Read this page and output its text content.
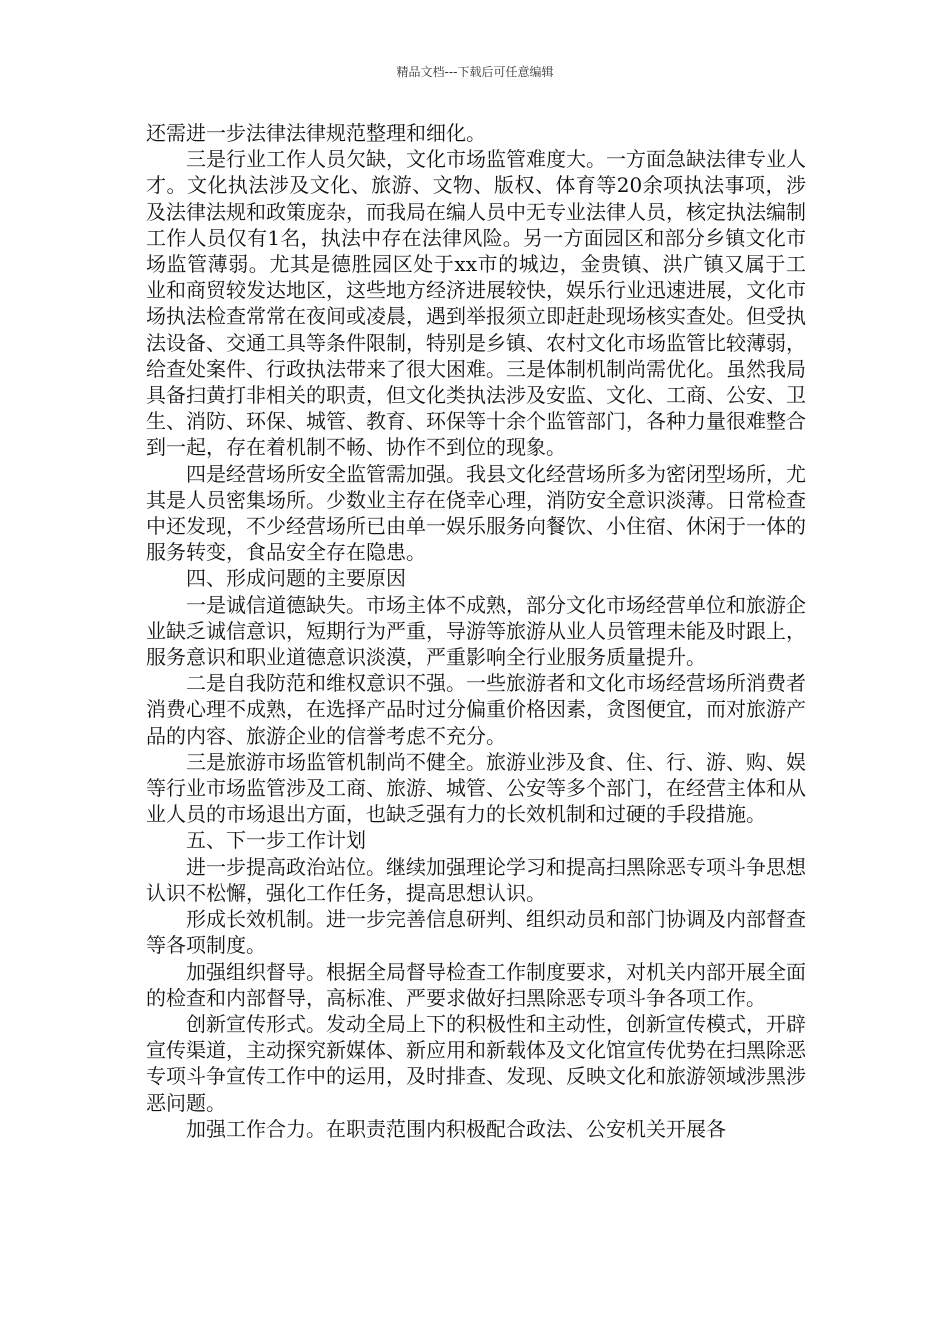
精品文档---下载后可任意编辑

还需进一步法律法律规范整理和细化。

三是行业工作人员欠缺，文化市场监管难度大。一方面急缺法律专业人才。文化执法涉及文化、旅游、文物、版权、体育等20余项执法事项，涉及法律法规和政策庞杂，而我局在编人员中无专业法律人员，核定执法编制工作人员仅有1名，执法中存在法律风险。另一方面园区和部分乡镇文化市场监管薄弱。尤其是德胜园区处于xx市的城边，金贵镇、洪广镇又属于工业和商贸较发达地区，这些地方经济进展较快，娱乐行业迅速进展，文化市场执法检查常常在夜间或凌晨，遇到举报须立即赶赴现场核实查处。但受执法设备、交通工具等条件限制，特别是乡镇、农村文化市场监管比较薄弱，给查处案件、行政执法带来了很大困难。三是体制机制尚需优化。虽然我局具备扫黄打非相关的职责，但文化类执法涉及安监、文化、工商、公安、卫生、消防、环保、城管、教育、环保等十余个监管部门，各种力量很难整合到一起，存在着机制不畅、协作不到位的现象。

四是经营场所安全监管需加强。我县文化经营场所多为密闭型场所，尤其是人员密集场所。少数业主存在侥幸心理，消防安全意识淡薄。日常检查中还发现，不少经营场所已由单一娱乐服务向餐饮、小住宿、休闲于一体的服务转变，食品安全存在隐患。

四、形成问题的主要原因

一是诚信道德缺失。市场主体不成熟，部分文化市场经营单位和旅游企业缺乏诚信意识，短期行为严重，导游等旅游从业人员管理未能及时跟上，服务意识和职业道德意识淡漠，严重影响全行业服务质量提升。

二是自我防范和维权意识不强。一些旅游者和文化市场经营场所消费者消费心理不成熟，在选择产品时过分偏重价格因素，贪图便宜，而对旅游产品的内容、旅游企业的信誉考虑不充分。

三是旅游市场监管机制尚不健全。旅游业涉及食、住、行、游、购、娱等行业市场监管涉及工商、旅游、城管、公安等多个部门，在经营主体和从业人员的市场退出方面，也缺乏强有力的长效机制和过硬的手段措施。

五、下一步工作计划

进一步提高政治站位。继续加强理论学习和提高扫黑除恶专项斗争思想认识不松懈，强化工作任务，提高思想认识。

形成长效机制。进一步完善信息研判、组织动员和部门协调及内部督查等各项制度。

加强组织督导。根据全局督导检查工作制度要求，对机关内部开展全面的检查和内部督导，高标准、严要求做好扫黑除恶专项斗争各项工作。

创新宣传形式。发动全局上下的积极性和主动性，创新宣传模式，开辟宣传渠道，主动探究新媒体、新应用和新载体及文化馆宣传优势在扫黑除恶专项斗争宣传工作中的运用，及时排查、发现、反映文化和旅游领域涉黑涉恶问题。

加强工作合力。在职责范围内积极配合政法、公安机关开展各
